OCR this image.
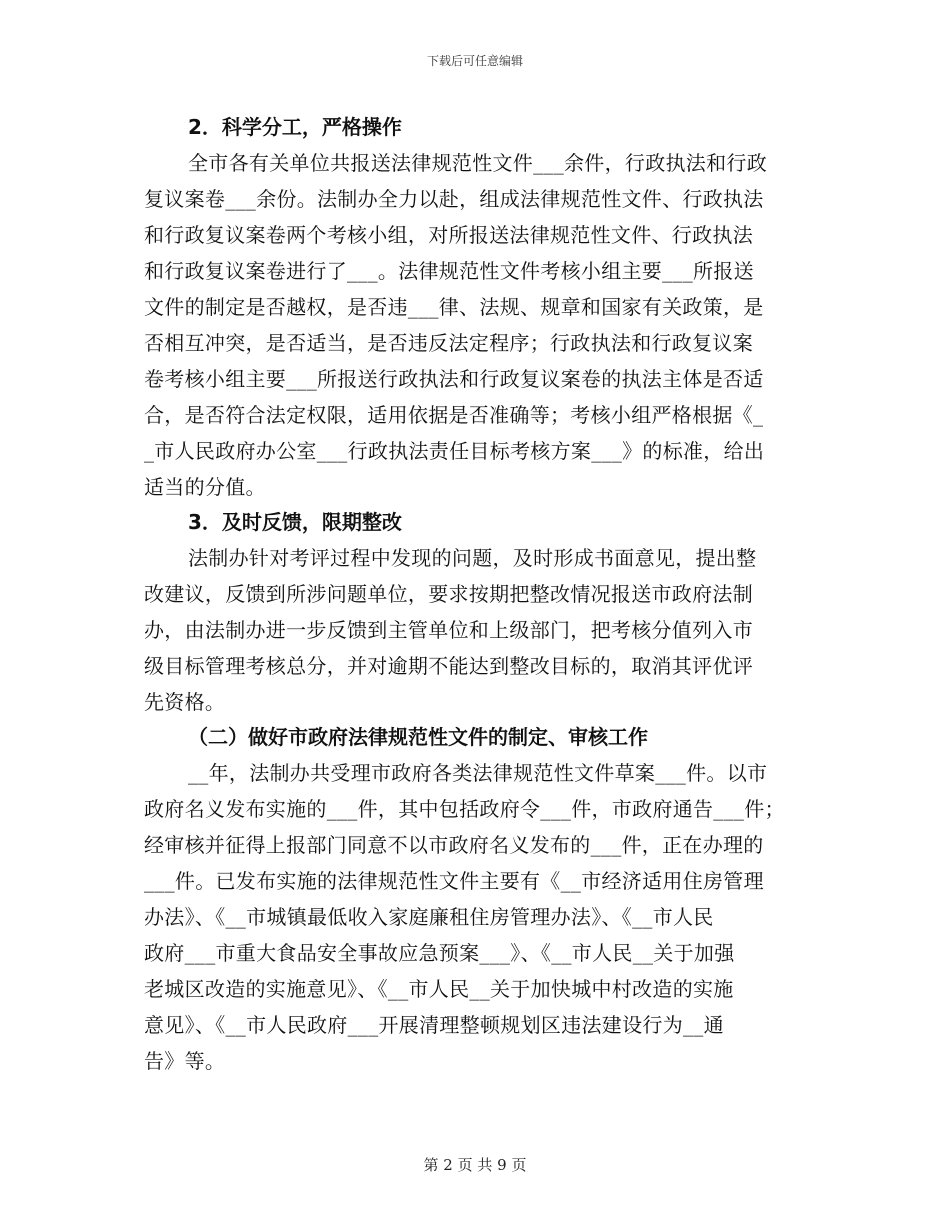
下载后可任意编辑
2．科学分工，严格操作
全市各有关单位共报送法律规范性文件___余件，行政执法和行政
复议案卷___余份。法制办全力以赴，组成法律规范性文件、行政执法
和行政复议案卷两个考核小组，对所报送法律规范性文件、行政执法
和行政复议案卷进行了___。法律规范性文件考核小组主要___所报送
文件的制定是否越权，是否违___律、法规、规章和国家有关政策，是
否相互冲突，是否适当，是否违反法定程序；行政执法和行政复议案
卷考核小组主要___所报送行政执法和行政复议案卷的执法主体是否适
合，是否符合法定权限，适用依据是否准确等；考核小组严格根据《_
_市人民政府办公室___行政执法责任目标考核方案___》的标准，给出
适当的分值。
3．及时反馈，限期整改
法制办针对考评过程中发现的问题，及时形成书面意见，提出整
改建议，反馈到所涉问题单位，要求按期把整改情况报送市政府法制
办，由法制办进一步反馈到主管单位和上级部门，把考核分值列入市
级目标管理考核总分，并对逾期不能达到整改目标的，取消其评优评
先资格。
（二）做好市政府法律规范性文件的制定、审核工作
__年，法制办共受理市政府各类法律规范性文件草案___件。以市
政府名义发布实施的___件，其中包括政府令___件，市政府通告___件；
经审核并征得上报部门同意不以市政府名义发布的___件，正在办理的
___件。已发布实施的法律规范性文件主要有《__市经济适用住房管理
办法》、《__市城镇最低收入家庭廉租住房管理办法》、《__市人民
政府___市重大食品安全事故应急预案___》、《__市人民__关于加强
老城区改造的实施意见》、《__市人民__关于加快城中村改造的实施
意见》、《__市人民政府___开展清理整顿规划区违法建设行为__通
告》等。
第 2 页 共 9 页
